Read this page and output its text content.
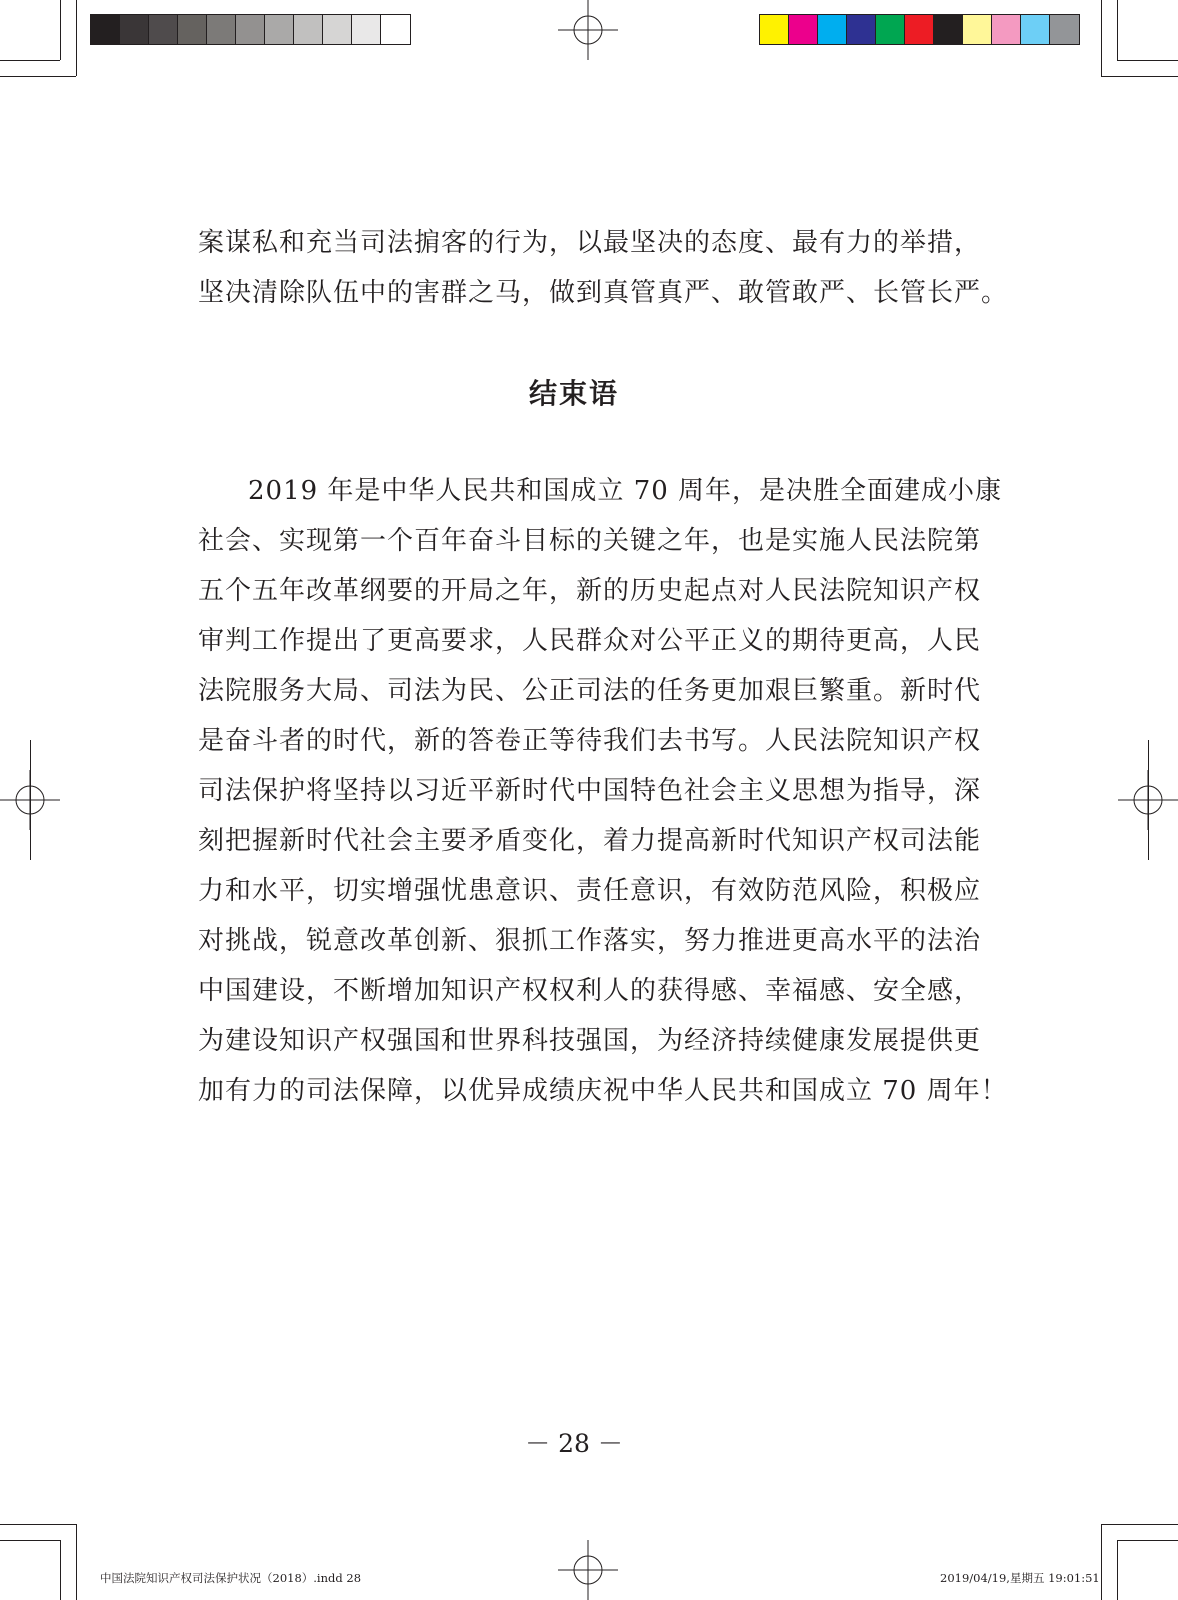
案谋私和充当司法掮客的行为，以最坚决的态度、最有力的举措，
坚决清除队伍中的害群之马，做到真管真严、敢管敢严、长管长严。
结束语
2019 年是中华人民共和国成立 70 周年，是决胜全面建成小康
社会、实现第一个百年奋斗目标的关键之年，也是实施人民法院第
五个五年改革纲要的开局之年，新的历史起点对人民法院知识产权
审判工作提出了更高要求，人民群众对公平正义的期待更高，人民
法院服务大局、司法为民、公正司法的任务更加艰巨繁重。新时代
是奋斗者的时代，新的答卷正等待我们去书写。人民法院知识产权
司法保护将坚持以习近平新时代中国特色社会主义思想为指导，深
刻把握新时代社会主要矛盾变化，着力提高新时代知识产权司法能
力和水平，切实增强忧患意识、责任意识，有效防范风险，积极应
对挑战，锐意改革创新、狠抓工作落实，努力推进更高水平的法治
中国建设，不断增加知识产权权利人的获得感、幸福感、安全感，
为建设知识产权强国和世界科技强国，为经济持续健康发展提供更
加有力的司法保障，以优异成绩庆祝中华人民共和国成立 70 周年！
－ 28 －
中国法院知识产权司法保护状况（2018）.indd 28	2019/04/19,星期五 19:01:51
